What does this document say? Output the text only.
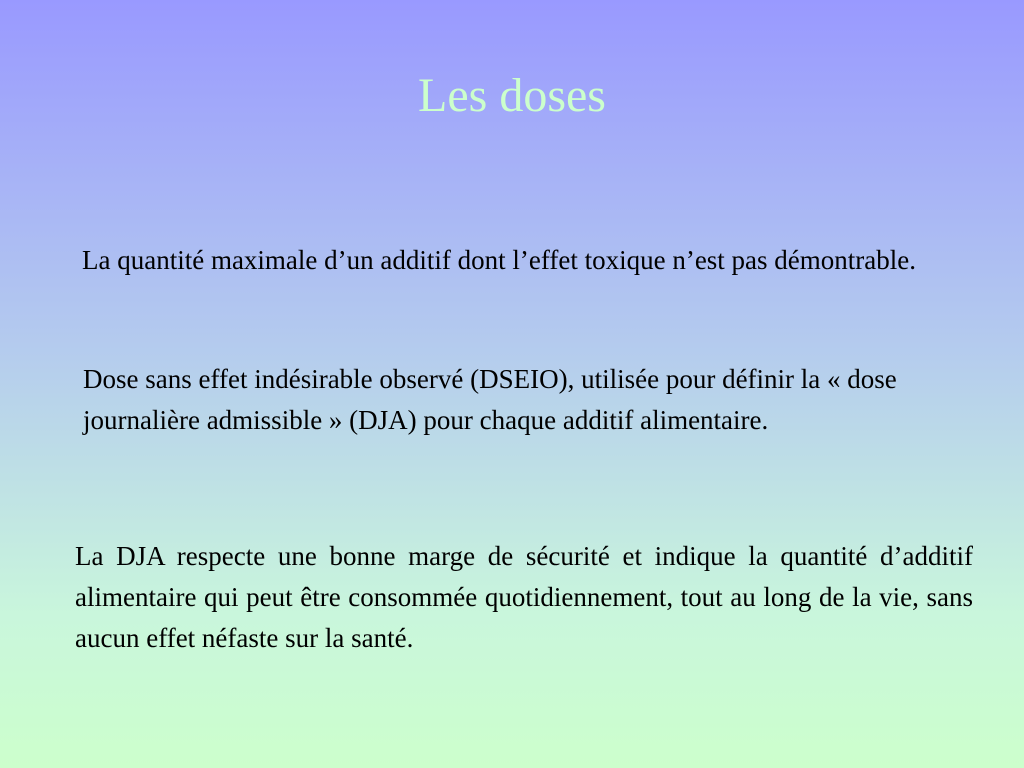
Les doses

La quantité maximale d’un additif dont l’effet toxique n’est pas démontrable.

Dose sans effet indésirable observé (DSEIO), utilisée pour définir la « dose journalière admissible » (DJA) pour chaque additif alimentaire.

La DJA respecte une bonne marge de sécurité et indique la quantité d’additif alimentaire qui peut être consommée quotidiennement, tout au long de la vie, sans aucun effet néfaste sur la santé.
